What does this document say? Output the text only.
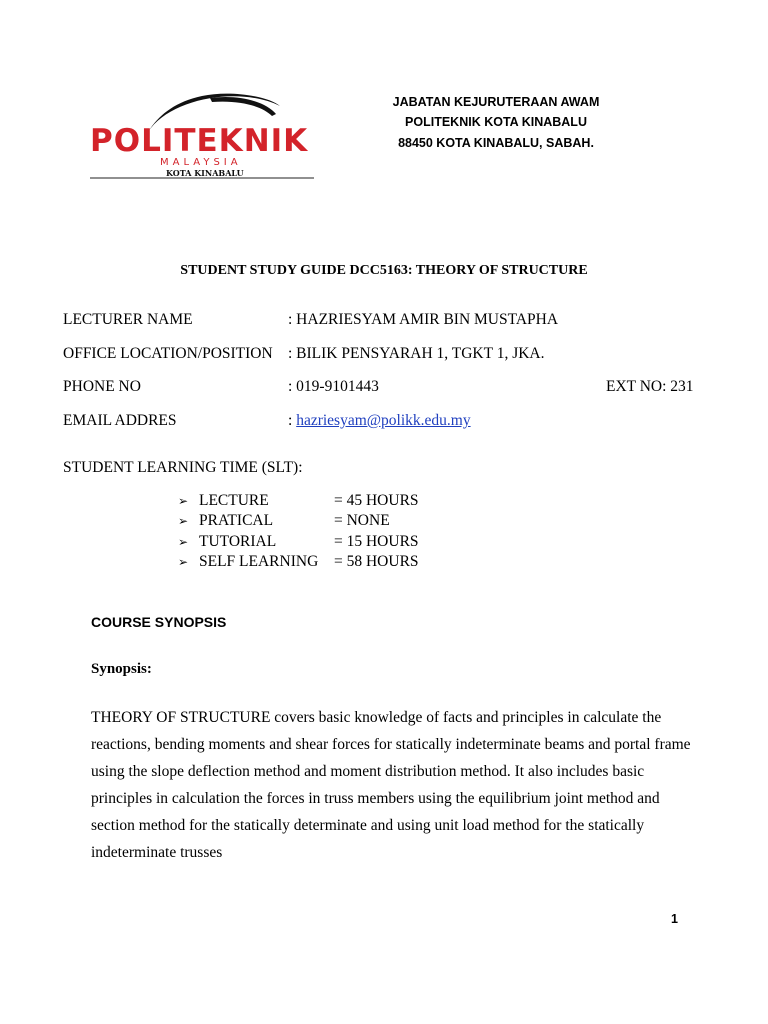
POLITEKNIK
MALAYSIA
KOTA KINABALU
JABATAN KEJURUTERAAN AWAM
POLITEKNIK KOTA KINABALU
88450 KOTA KINABALU, SABAH.
STUDENT STUDY GUIDE DCC5163: THEORY OF STRUCTURE
LECTURER NAME	: HAZRIESYAM AMIR BIN MUSTAPHA
OFFICE LOCATION/POSITION : BILIK PENSYARAH 1, TGKT 1, JKA.
PHONE NO	: 019-9101443	EXT NO: 231
EMAIL ADDRES	: hazriesyam@polikk.edu.my
STUDENT LEARNING TIME (SLT):
➢ LECTURE	= 45 HOURS
➢ PRATICAL	= NONE
➢ TUTORIAL	= 15 HOURS
➢ SELF LEARNING = 58 HOURS
COURSE SYNOPSIS
Synopsis:
THEORY OF STRUCTURE covers basic knowledge of facts and principles in calculate the
reactions, bending moments and shear forces for statically indeterminate beams and portal frame
using the slope deflection method and moment distribution method. It also includes basic
principles in calculation the forces in truss members using the equilibrium joint method and
section method for the statically determinate and using unit load method for the statically
indeterminate trusses
1
